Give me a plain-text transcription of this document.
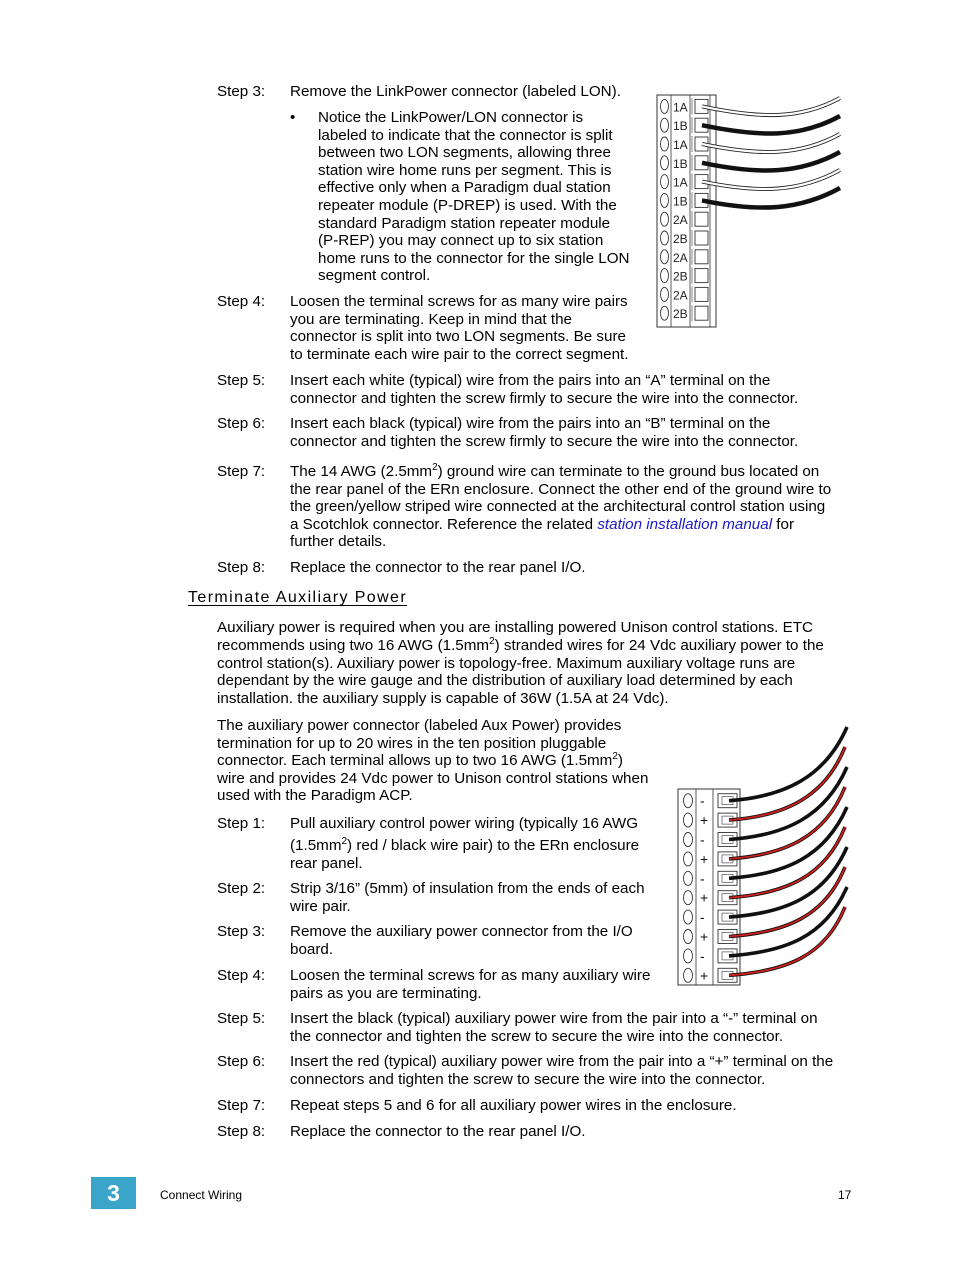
Step 3: Remove the LinkPower connector (labeled LON).
• Notice the LinkPower/LON connector is
labeled to indicate that the connector is split
between two LON segments, allowing three
station wire home runs per segment. This is
effective only when a Paradigm dual station
repeater module (P-DREP) is used. With the
standard Paradigm station repeater module
(P-REP) you may connect up to six station
home runs to the connector for the single LON
segment control.
Step 4: Loosen the terminal screws for as many wire pairs
you are terminating. Keep in mind that the
connector is split into two LON segments. Be sure
to terminate each wire pair to the correct segment.
Step 5: Insert each white (typical) wire from the pairs into an “A” terminal on the
connector and tighten the screw firmly to secure the wire into the connector.
Step 6: Insert each black (typical) wire from the pairs into an “B” terminal on the
connector and tighten the screw firmly to secure the wire into the connector.
Step 7: The 14 AWG $(2.5mm^2)$ ground wire can terminate to the ground bus located on
the rear panel of the ERn enclosure. Connect the other end of the ground wire to
the green/yellow striped wire connected at the architectural control station using
a Scotchlok connector. Reference the related station installation manual for
further details.
Step 8: Replace the connector to the rear panel I/O.
1A
1B
1A
1B
1A
1B
2A
2B
2A
2B
2A
2B
Terminate Auxiliary Power
Auxiliary power is required when you are installing powered Unison control stations. ETC
recommends using two 16 AWG $(1.5mm^2)$ stranded wires for 24 Vdc auxiliary power to the
control station(s). Auxiliary power is topology-free. Maximum auxiliary voltage runs are
dependant by the wire gauge and the distribution of auxiliary load determined by each
installation. the auxiliary supply is capable of 36W (1.5A at 24 Vdc).
The auxiliary power connector (labeled Aux Power) provides
termination for up to 20 wires in the ten position pluggable
connector. Each terminal allows up to two 16 AWG $(1.5mm^2)$
wire and provides 24 Vdc power to Unison control stations when
used with the Paradigm ACP.
Step 1: Pull auxiliary control power wiring (typically 16 AWG
$(1.5mm^2)$ red / black wire pair) to the ERn enclosure
rear panel.
Step 2: Strip 3/16” (5mm) of insulation from the ends of each
wire pair.
Step 3: Remove the auxiliary power connector from the I/O
board.
Step 4: Loosen the terminal screws for as many auxiliary wire
pairs as you are terminating.
Step 5: Insert the black (typical) auxiliary power wire from the pair into a “-” terminal on
the connector and tighten the screw to secure the wire into the connector.
Step 6: Insert the red (typical) auxiliary power wire from the pair into a “+” terminal on the
connectors and tighten the screw to secure the wire into the connector.
Step 7: Repeat steps 5 and 6 for all auxiliary power wires in the enclosure.
Step 8: Replace the connector to the rear panel I/O.
-
+
-
+
-
+
-
+
-
+
3	Connect Wiring	17
